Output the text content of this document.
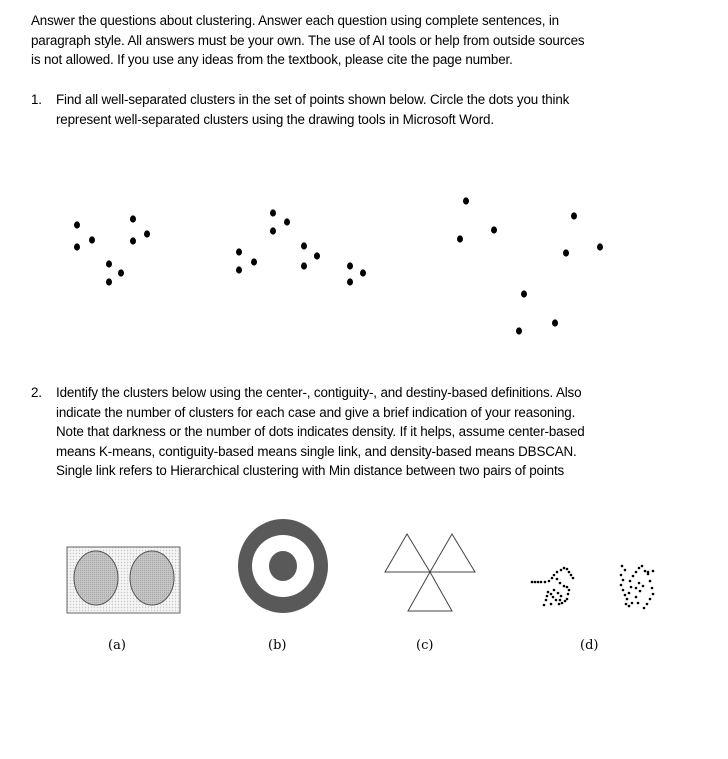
Answer the questions about clustering. Answer each question using complete sentences, in
paragraph style. All answers must be your own. The use of AI tools or help from outside sources
is not allowed. If you use any ideas from the textbook, please cite the page number.
1. Find all well-separated clusters in the set of points shown below. Circle the dots you think
represent well-separated clusters using the drawing tools in Microsoft Word.
2. Identify the clusters below using the center-, contiguity-, and destiny-based definitions. Also
indicate the number of clusters for each case and give a brief indication of your reasoning.
Note that darkness or the number of dots indicates density. If it helps, assume center-based
means K-means, contiguity-based means single link, and density-based means DBSCAN.
Single link refers to Hierarchical clustering with Min distance between two pairs of points
(a)	(b)	(c)	(d)
